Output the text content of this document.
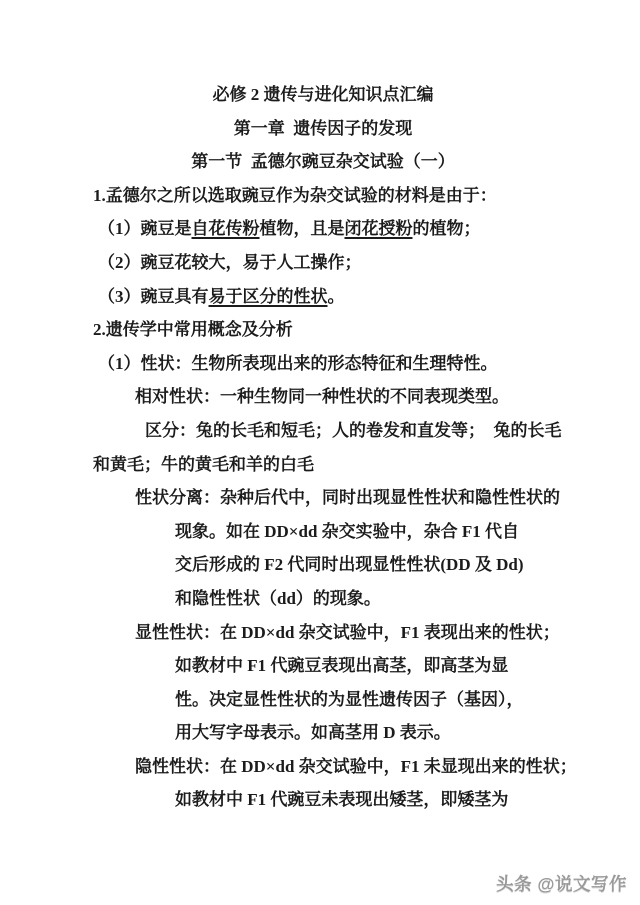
必修 2 遗传与进化知识点汇编

第一章  遗传因子的发现

第一节  孟德尔豌豆杂交试验（一）

1.孟德尔之所以选取豌豆作为杂交试验的材料是由于：
（1）豌豆是自花传粉植物，且是闭花授粉的植物；
（2）豌豆花较大，易于人工操作；
（3）豌豆具有易于区分的性状。
2.遗传学中常用概念及分析
（1）性状：生物所表现出来的形态特征和生理特性。
相对性状：一种生物同一种性状的不同表现类型。
区分：兔的长毛和短毛；人的卷发和直发等；　兔的长毛
和黄毛；牛的黄毛和羊的白毛
性状分离：杂种后代中，同时出现显性性状和隐性性状的
现象。如在 DD×dd 杂交实验中，杂合 F1 代自
交后形成的 F2 代同时出现显性性状(DD 及 Dd)
和隐性性状（dd）的现象。
显性性状：在 DD×dd 杂交试验中，F1 表现出来的性状；
如教材中 F1 代豌豆表现出高茎，即高茎为显
性。决定显性性状的为显性遗传因子（基因），
用大写字母表示。如高茎用 D 表示。
隐性性状：在 DD×dd 杂交试验中，F1 未显现出来的性状；
如教材中 F1 代豌豆未表现出矮茎，即矮茎为
头条 @说文写作
